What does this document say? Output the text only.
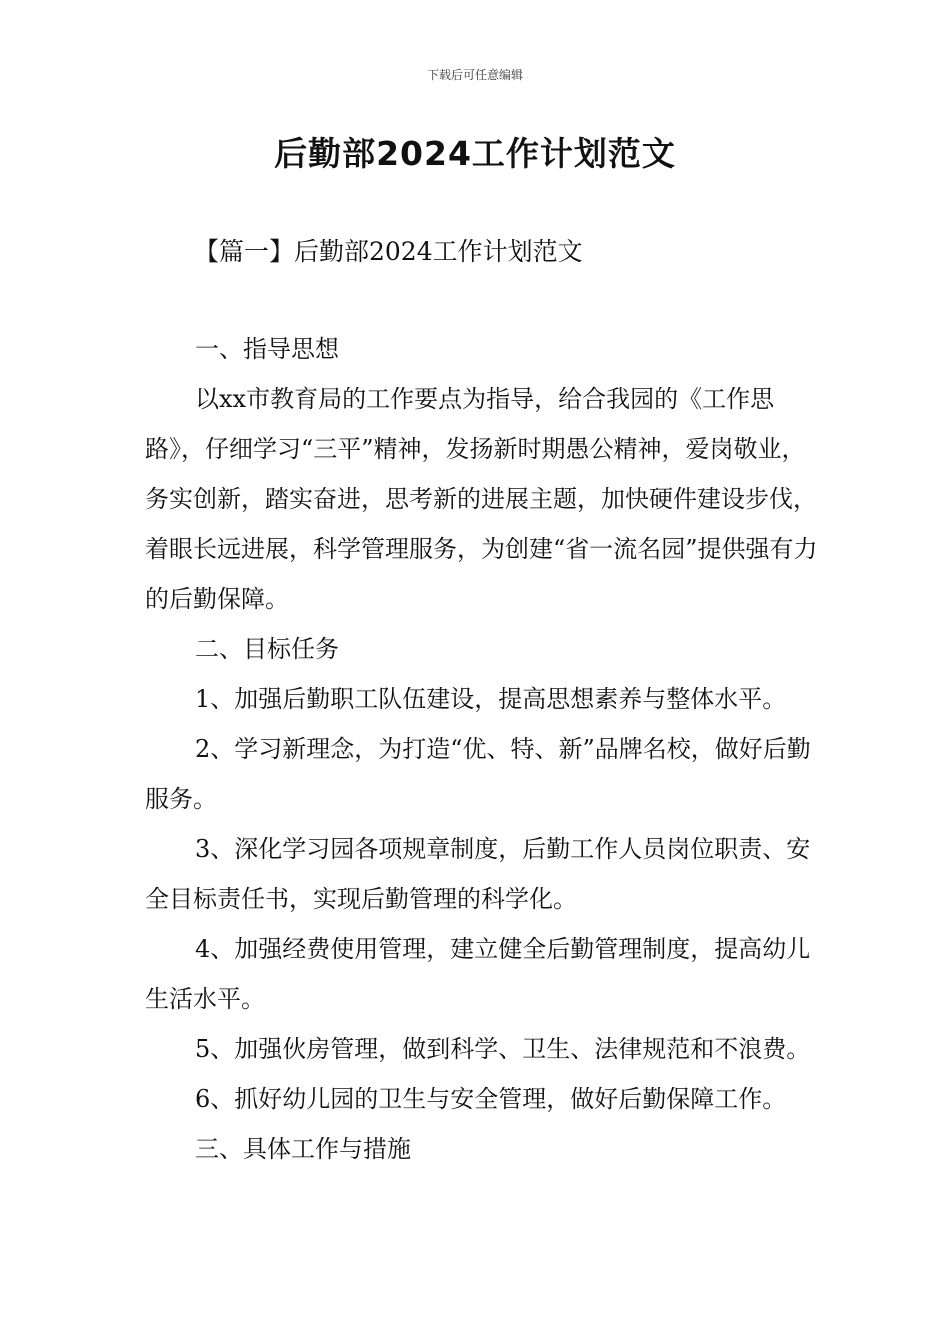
下载后可任意编辑
后勤部2024工作计划范文
【篇一】后勤部2024工作计划范文

一、指导思想

以xx市教育局的工作要点为指导，给合我园的《工作思路》，仔细学习“三平”精神，发扬新时期愚公精神，爱岗敬业，务实创新，踏实奋进，思考新的进展主题，加快硬件建设步伐，着眼长远进展，科学管理服务，为创建“省一流名园”提供强有力的后勤保障。

二、目标任务

1、加强后勤职工队伍建设，提高思想素养与整体水平。

2、学习新理念，为打造“优、特、新”品牌名校，做好后勤服务。

3、深化学习园各项规章制度，后勤工作人员岗位职责、安全目标责任书，实现后勤管理的科学化。

4、加强经费使用管理，建立健全后勤管理制度，提高幼儿生活水平。

5、加强伙房管理，做到科学、卫生、法律规范和不浪费。

6、抓好幼儿园的卫生与安全管理，做好后勤保障工作。

三、具体工作与措施
